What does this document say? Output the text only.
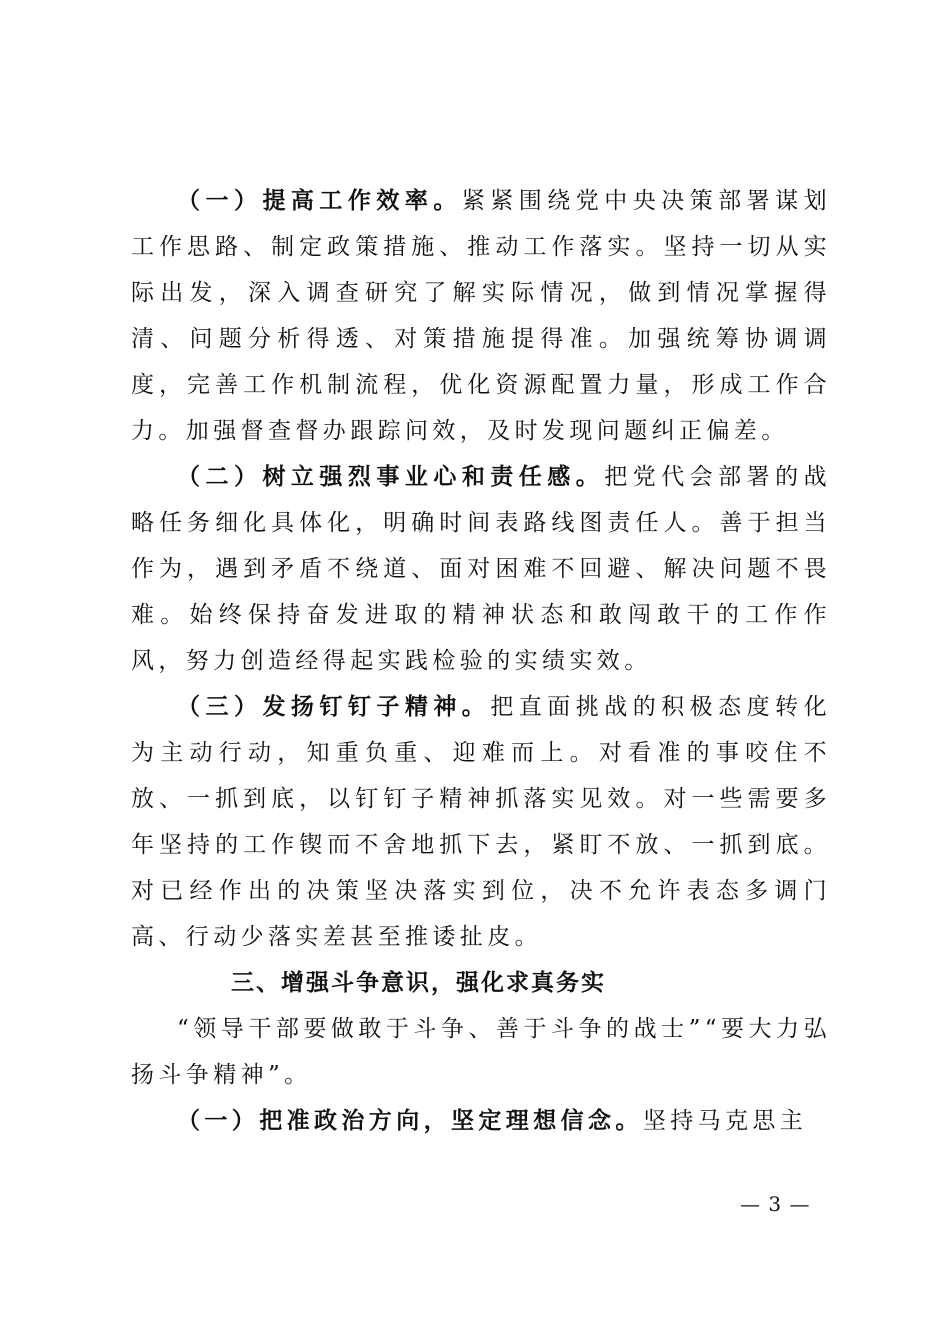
（一）提高工作效率。紧紧围绕党中央决策部署谋划工作思路、制定政策措施、推动工作落实。坚持一切从实际出发，深入调查研究了解实际情况，做到情况掌握得清、问题分析得透、对策措施提得准。加强统筹协调调度，完善工作机制流程，优化资源配置力量，形成工作合力。加强督查督办跟踪问效，及时发现问题纠正偏差。

（二）树立强烈事业心和责任感。把党代会部署的战略任务细化具体化，明确时间表路线图责任人。善于担当作为，遇到矛盾不绕道、面对困难不回避、解决问题不畏难。始终保持奋发进取的精神状态和敢闯敢干的工作作风，努力创造经得起实践检验的实绩实效。

（三）发扬钉钉子精神。把直面挑战的积极态度转化为主动行动，知重负重、迎难而上。对看准的事咬住不放、一抓到底，以钉钉子精神抓落实见效。对一些需要多年坚持的工作锲而不舍地抓下去，紧盯不放、一抓到底。对已经作出的决策坚决落实到位，决不允许表态多调门高、行动少落实差甚至推诿扯皮。

三、增强斗争意识，强化求真务实

“领导干部要做敢于斗争、善于斗争的战士”“要大力弘扬斗争精神”。

（一）把准政治方向，坚定理想信念。坚持马克思主

— 3 —
